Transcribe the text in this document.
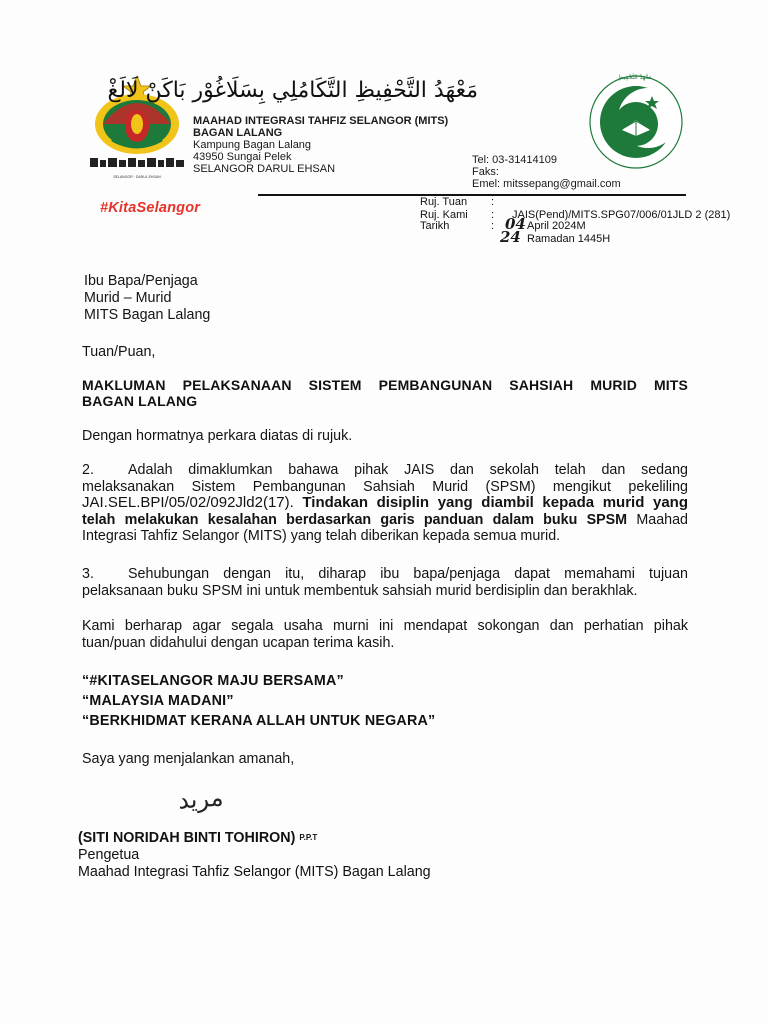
SELANGOR · DARUL EHSAN
مَعْهَدُ التَّحْفِيظِ التَّكَامُلِي بِسَلَاغُوْر بَاكَنْ لَالَغْ
MAAHAD INTEGRASI TAHFIZ SELANGOR (MITS)
BAGAN LALANG
Kampung Bagan Lalang
43950 Sungai Pelek
SELANGOR DARUL EHSAN
Tel: 03-31414109
Faks:
Emel: mitssepang@gmail.com
مَعْهَدُ التَّحْفِيظِ
#KitaSelangor	Ruj. Tuan :
Ruj. Kami : JAIS(Pend)/MITS.SPG07/006/01JLD 2 (281)
Tarikh	: 04 April 2024M
24 Ramadan 1445H
Ibu Bapa/Penjaga
Murid – Murid
MITS Bagan Lalang
Tuan/Puan,
MAKLUMAN PELAKSANAAN SISTEM PEMBANGUNAN SAHSIAH MURID MITS
BAGAN LALANG
Dengan hormatnya perkara diatas di rujuk.
2. Adalah dimaklumkan bahawa pihak JAIS dan sekolah telah dan sedang
melaksanakan Sistem Pembangunan Sahsiah Murid (SPSM) mengikut pekeliling
JAI.SEL.BPI/05/02/092Jld2(17). Tindakan disiplin yang diambil kepada murid yang
telah melakukan kesalahan berdasarkan garis panduan dalam buku SPSM Maahad
Integrasi Tahfiz Selangor (MITS) yang telah diberikan kepada semua murid.
3. Sehubungan dengan itu, diharap ibu bapa/penjaga dapat memahami tujuan
pelaksanaan buku SPSM ini untuk membentuk sahsiah murid berdisiplin dan berakhlak.
Kami berharap agar segala usaha murni ini mendapat sokongan dan perhatian pihak
tuan/puan didahului dengan ucapan terima kasih.
“#KITASELANGOR MAJU BERSAMA”
“MALAYSIA MADANI”
“BERKHIDMAT KERANA ALLAH UNTUK NEGARA”
Saya yang menjalankan amanah,
ﻣﺮﻳﺪ
(SITI NORIDAH BINTI TOHIRON) P.P.T
Pengetua
Maahad Integrasi Tahfiz Selangor (MITS) Bagan Lalang
